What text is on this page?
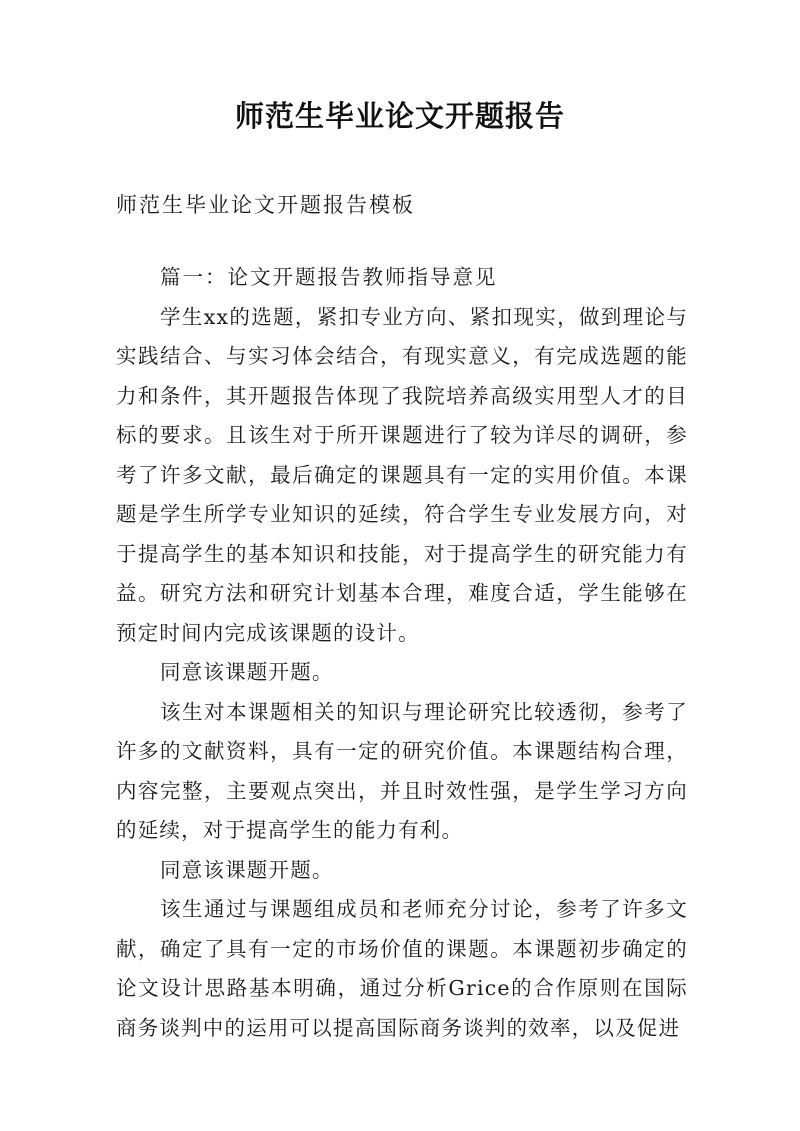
师范生毕业论文开题报告
师范生毕业论文开题报告模板

篇一：论文开题报告教师指导意见

学生xx的选题，紧扣专业方向、紧扣现实，做到理论与实践结合、与实习体会结合，有现实意义，有完成选题的能力和条件，其开题报告体现了我院培养高级实用型人才的目标的要求。且该生对于所开课题进行了较为详尽的调研，参考了许多文献，最后确定的课题具有一定的实用价值。本课题是学生所学专业知识的延续，符合学生专业发展方向，对于提高学生的基本知识和技能，对于提高学生的研究能力有益。研究方法和研究计划基本合理，难度合适，学生能够在预定时间内完成该课题的设计。

同意该课题开题。

该生对本课题相关的知识与理论研究比较透彻，参考了许多的文献资料，具有一定的研究价值。本课题结构合理，内容完整，主要观点突出，并且时效性强，是学生学习方向的延续，对于提高学生的能力有利。

同意该课题开题。

该生通过与课题组成员和老师充分讨论，参考了许多文献，确定了具有一定的市场价值的课题。本课题初步确定的论文设计思路基本明确，通过分析Grice的合作原则在国际商务谈判中的运用可以提高国际商务谈判的效率，以及促进
